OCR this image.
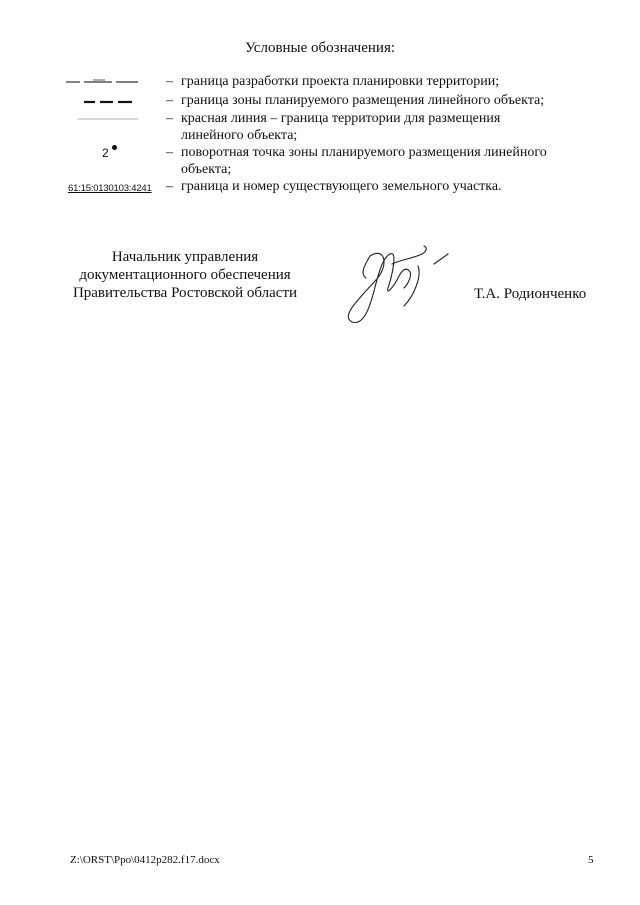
Условные обозначения:
– граница разработки проекта планировки территории;
– граница зоны планируемого размещения линейного объекта;
– красная линия – граница территории для размещения
линейного объекта;
2	– поворотная точка зоны планируемого размещения линейного
объекта;
61:15:0130103:4241 – граница и номер существующего земельного участка.
Начальник управления
документационного обеспечения
Правительства Ростовской области	Т.А. Родионченко
Z:\ORST\Ppo\0412p282.f17.docx	5
